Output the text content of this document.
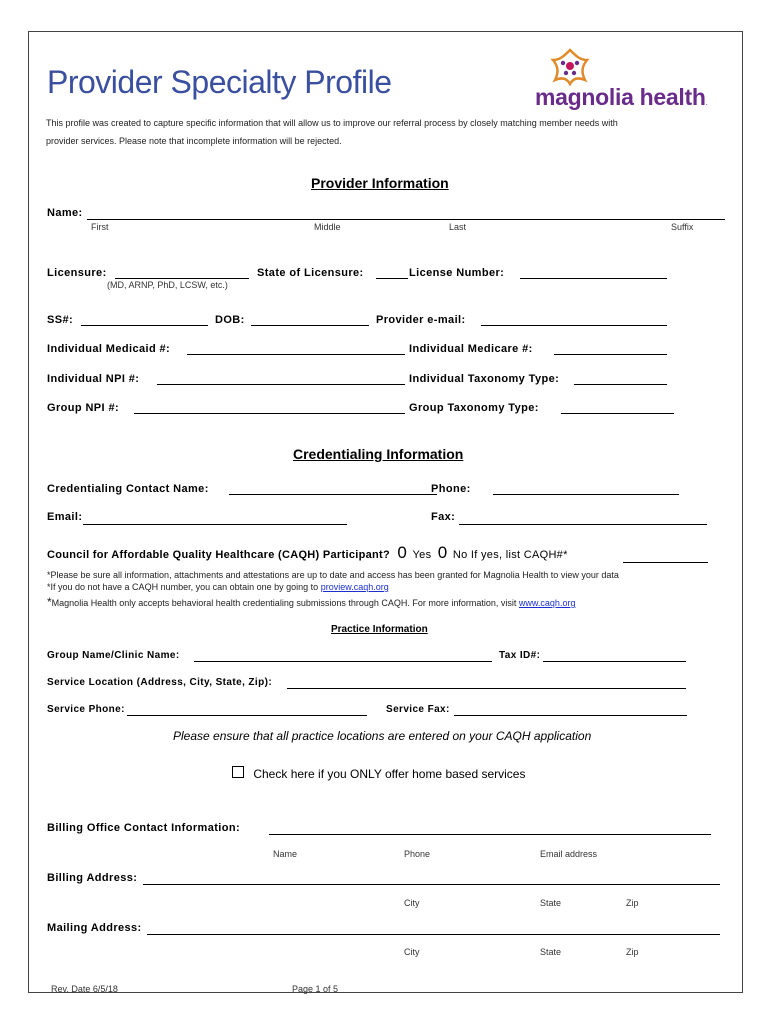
Provider Specialty Profile	magnolia health.
This profile was created to capture specific information that will allow us to improve our referral process by closely matching member needs with
provider services. Please note that incomplete information will be rejected.
Provider Information
Name:
First	Middle	Last	Suffix
Licensure:
(MD, ARNP, PhD, LCSW, etc.)
State of Licensure:	License Number:
SS#:	DOB:	Provider e-mail:
Individual Medicaid #:	Individual Medicare #:
Individual NPI #:	Individual Taxonomy Type:
Group NPI #:	Group Taxonomy Type:
Credentialing Information
Credentialing Contact Name:	Phone:
Email:	Fax:
Council for Affordable Quality Healthcare (CAQH) Participant? 0 Yes 0 No If yes, list CAQH#*
*Please be sure all information, attachments and attestations are up to date and access has been granted for Magnolia Health to view your data
*If you do not have a CAQH number, you can obtain one by going to proview.caqh.org
*Magnolia Health only accepts behavioral health credentialing submissions through CAQH. For more information, visit www.caqh.org
Practice Information
Group Name/Clinic Name:	Tax ID#:
Service Location (Address, City, State, Zip):
Service Phone:	Service Fax:
Please ensure that all practice locations are entered on your CAQH application
Check here if you ONLY offer home based services
Billing Office Contact Information:
Name	Phone	Email address
Billing Address:
City	State	Zip
Mailing Address:
City	State	Zip
Rev. Date 6/5/18	Page 1 of 5
